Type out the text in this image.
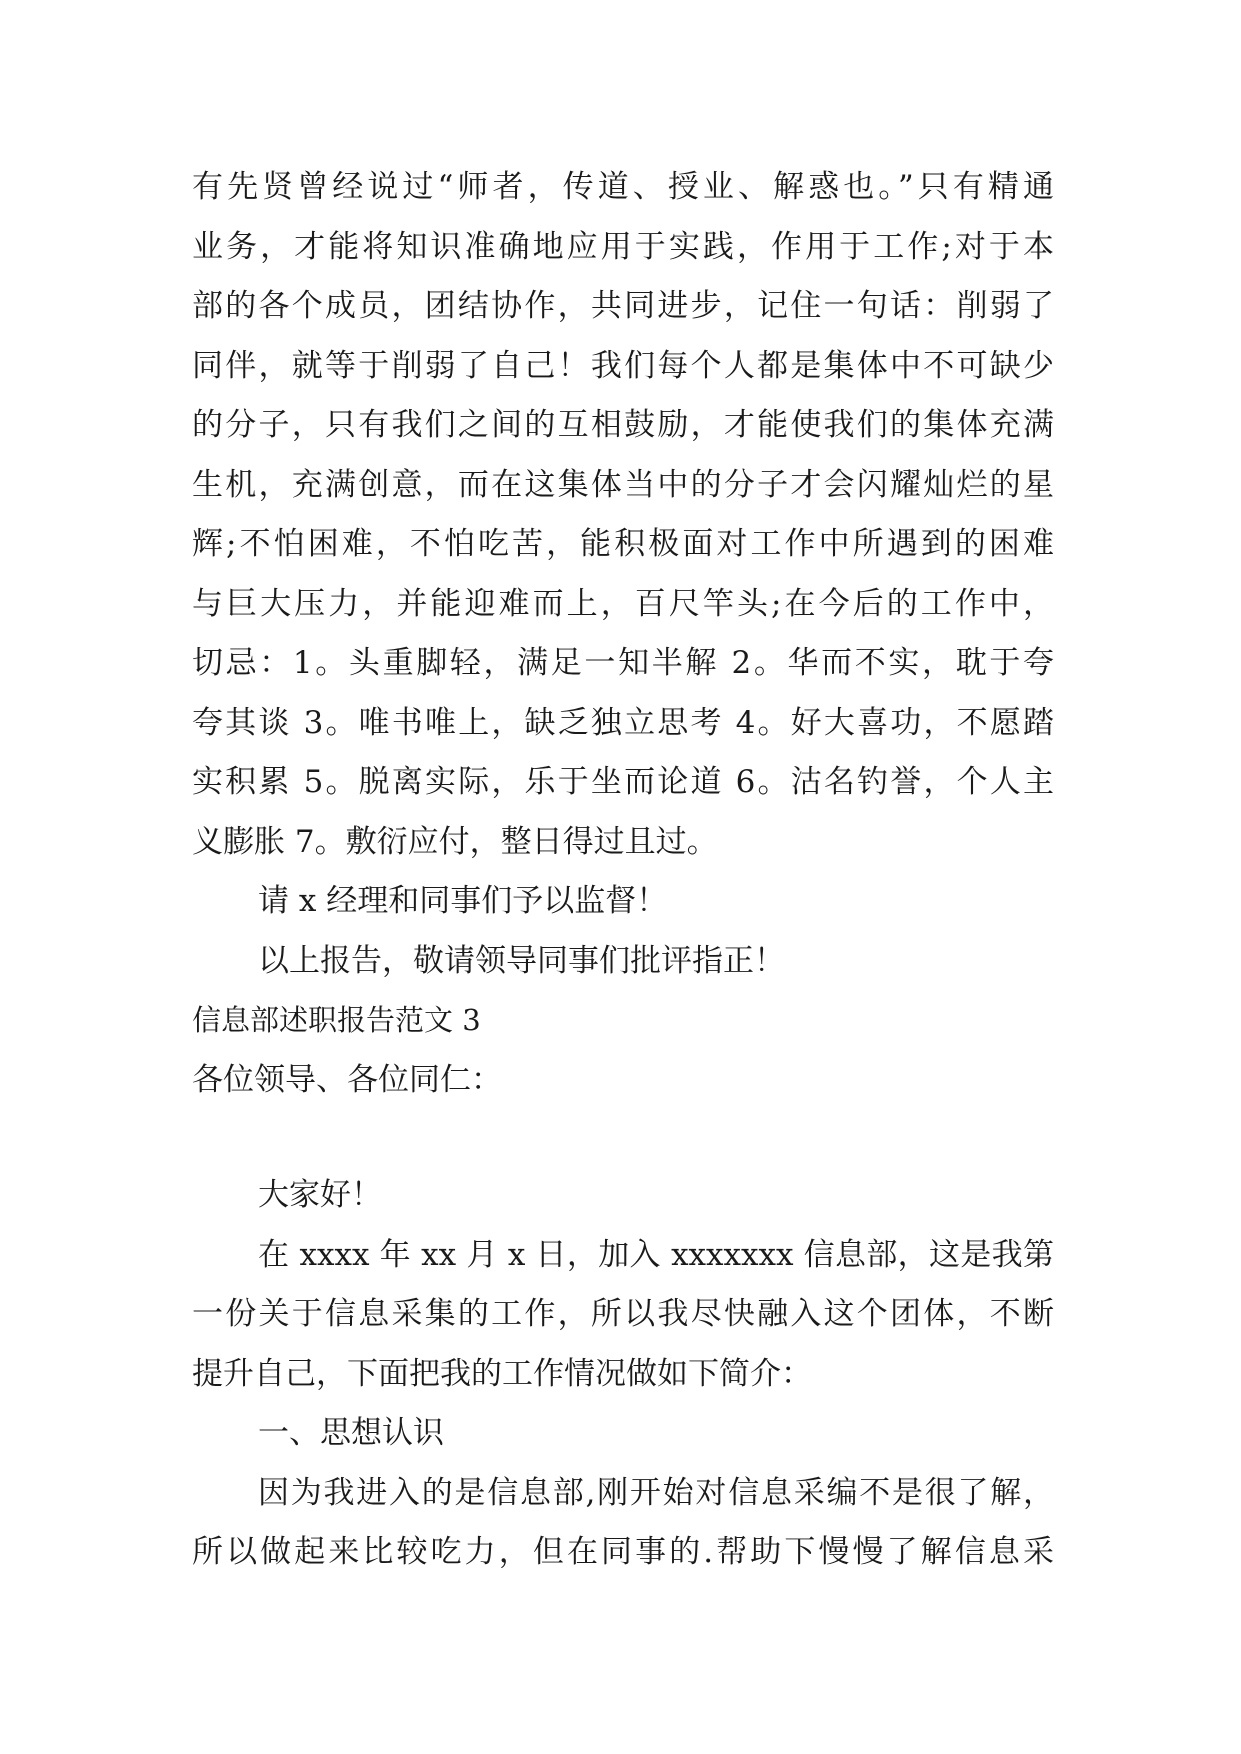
有先贤曾经说过“师者，传道、授业、解惑也。”只有精通
业务，才能将知识准确地应用于实践，作用于工作;对于本
部的各个成员，团结协作，共同进步，记住一句话：削弱了
同伴，就等于削弱了自己！我们每个人都是集体中不可缺少
的分子，只有我们之间的互相鼓励，才能使我们的集体充满
生机，充满创意，而在这集体当中的分子才会闪耀灿烂的星
辉;不怕困难，不怕吃苦，能积极面对工作中所遇到的困难
与巨大压力，并能迎难而上，百尺竿头;在今后的工作中，
切忌：1。头重脚轻，满足一知半解 2。华而不实，耽于夸
夸其谈 3。唯书唯上，缺乏独立思考 4。好大喜功，不愿踏
实积累 5。脱离实际，乐于坐而论道 6。沽名钓誉，个人主
义膨胀 7。敷衍应付，整日得过且过。
请 x 经理和同事们予以监督！
以上报告，敬请领导同事们批评指正！
信息部述职报告范文 3
各位领导、各位同仁：
大家好！
在 xxxx 年 xx 月 x 日，加入 xxxxxxx 信息部，这是我第
一份关于信息采集的工作，所以我尽快融入这个团体，不断
提升自己，下面把我的工作情况做如下简介：
一、思想认识
因为我进入的是信息部,刚开始对信息采编不是很了解，
所以做起来比较吃力，但在同事的.帮助下慢慢了解信息采
